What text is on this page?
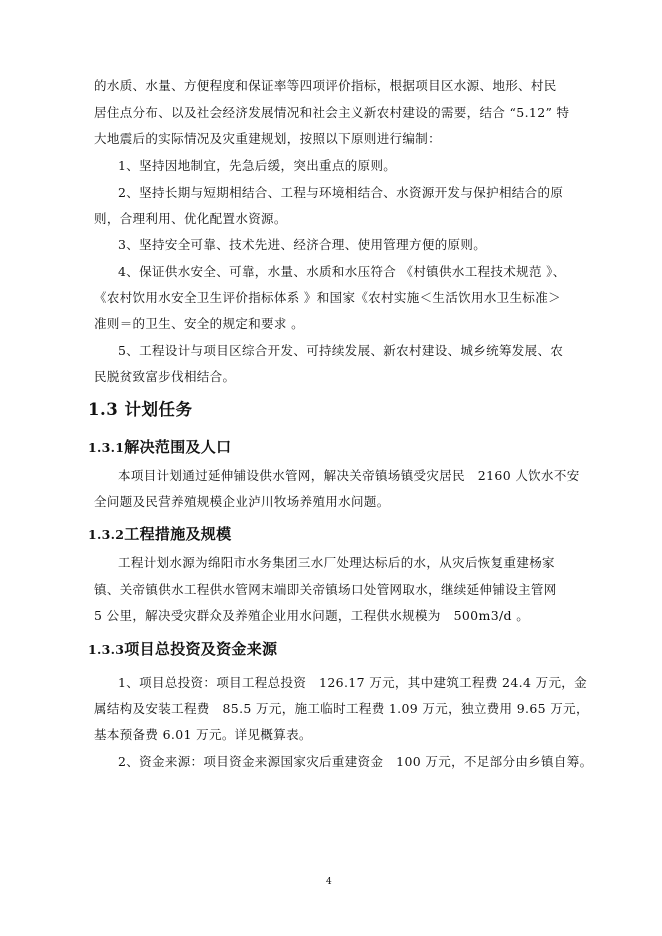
的水质、水量、方便程度和保证率等四项评价指标，根据项目区水源、地形、村民
居住点分布、以及社会经济发展情况和社会主义新农村建设的需要，结合 “5.12” 特
大地震后的实际情况及灾重建规划，按照以下原则进行编制：
1、坚持因地制宜，先急后缓，突出重点的原则。
2、坚持长期与短期相结合、工程与环境相结合、水资源开发与保护相结合的原
则，合理利用、优化配置水资源。
3、坚持安全可靠、技术先进、经济合理、使用管理方便的原则。
4、保证供水安全、可靠，水量、水质和水压符合 《村镇供水工程技术规范 》、
《农村饮用水安全卫生评价指标体系 》和国家《农村实施＜生活饮用水卫生标准＞
准则＝的卫生、安全的规定和要求 。
5、工程设计与项目区综合开发、可持续发展、新农村建设、城乡统筹发展、农
民脱贫致富步伐相结合。
1.3 计划任务
1.3.1解决范围及人口
本项目计划通过延伸铺设供水管网，解决关帝镇场镇受灾居民　2160 人饮水不安
全问题及民营养殖规模企业泸川牧场养殖用水问题。
1.3.2工程措施及规模
工程计划水源为绵阳市水务集团三水厂处理达标后的水，从灾后恢复重建杨家
镇、关帝镇供水工程供水管网末端即关帝镇场口处管网取水，继续延伸铺设主管网
5 公里，解决受灾群众及养殖企业用水问题，工程供水规模为　500m3/d 。
1.3.3项目总投资及资金来源
1、项目总投资：项目工程总投资　126.17 万元，其中建筑工程费 24.4 万元，金
属结构及安装工程费　85.5 万元，施工临时工程费 1.09 万元，独立费用 9.65 万元，
基本预备费 6.01 万元。详见概算表。
2、资金来源：项目资金来源国家灾后重建资金　100 万元，不足部分由乡镇自筹。
4
